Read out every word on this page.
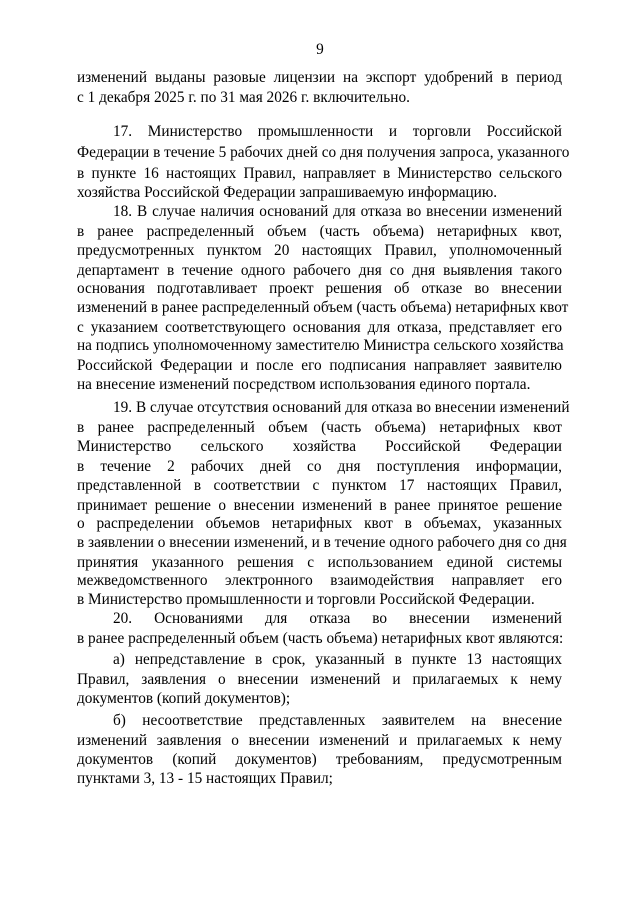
9
изменений выданы разовые лицензии на экспорт удобрений в период
с 1 декабря 2025 г. по 31 мая 2026 г. включительно.
17. Министерство промышленности и торговли Российской
Федерации в течение 5 рабочих дней со дня получения запроса, указанного
в пункте 16 настоящих Правил, направляет в Министерство сельского
хозяйства Российской Федерации запрашиваемую информацию.
18. В случае наличия оснований для отказа во внесении изменений
в ранее распределенный объем (часть объема) нетарифных квот,
предусмотренных пунктом 20 настоящих Правил, уполномоченный
департамент в течение одного рабочего дня со дня выявления такого
основания подготавливает проект решения об отказе во внесении
изменений в ранее распределенный объем (часть объема) нетарифных квот
с указанием соответствующего основания для отказа, представляет его
на подпись уполномоченному заместителю Министра сельского хозяйства
Российской Федерации и после его подписания направляет заявителю
на внесение изменений посредством использования единого портала.
19. В случае отсутствия оснований для отказа во внесении изменений
в ранее распределенный объем (часть объема) нетарифных квот
Министерство сельского хозяйства Российской Федерации
в течение 2 рабочих дней со дня поступления информации,
представленной в соответствии с пунктом 17 настоящих Правил,
принимает решение о внесении изменений в ранее принятое решение
о распределении объемов нетарифных квот в объемах, указанных
в заявлении о внесении изменений, и в течение одного рабочего дня со дня
принятия указанного решения с использованием единой системы
межведомственного электронного взаимодействия направляет его
в Министерство промышленности и торговли Российской Федерации.
20. Основаниями для отказа во внесении изменений
в ранее распределенный объем (часть объема) нетарифных квот являются:
а) непредставление в срок, указанный в пункте 13 настоящих
Правил, заявления о внесении изменений и прилагаемых к нему
документов (копий документов);
б) несоответствие представленных заявителем на внесение
изменений заявления о внесении изменений и прилагаемых к нему
документов (копий документов) требованиям, предусмотренным
пунктами 3, 13 - 15 настоящих Правил;
